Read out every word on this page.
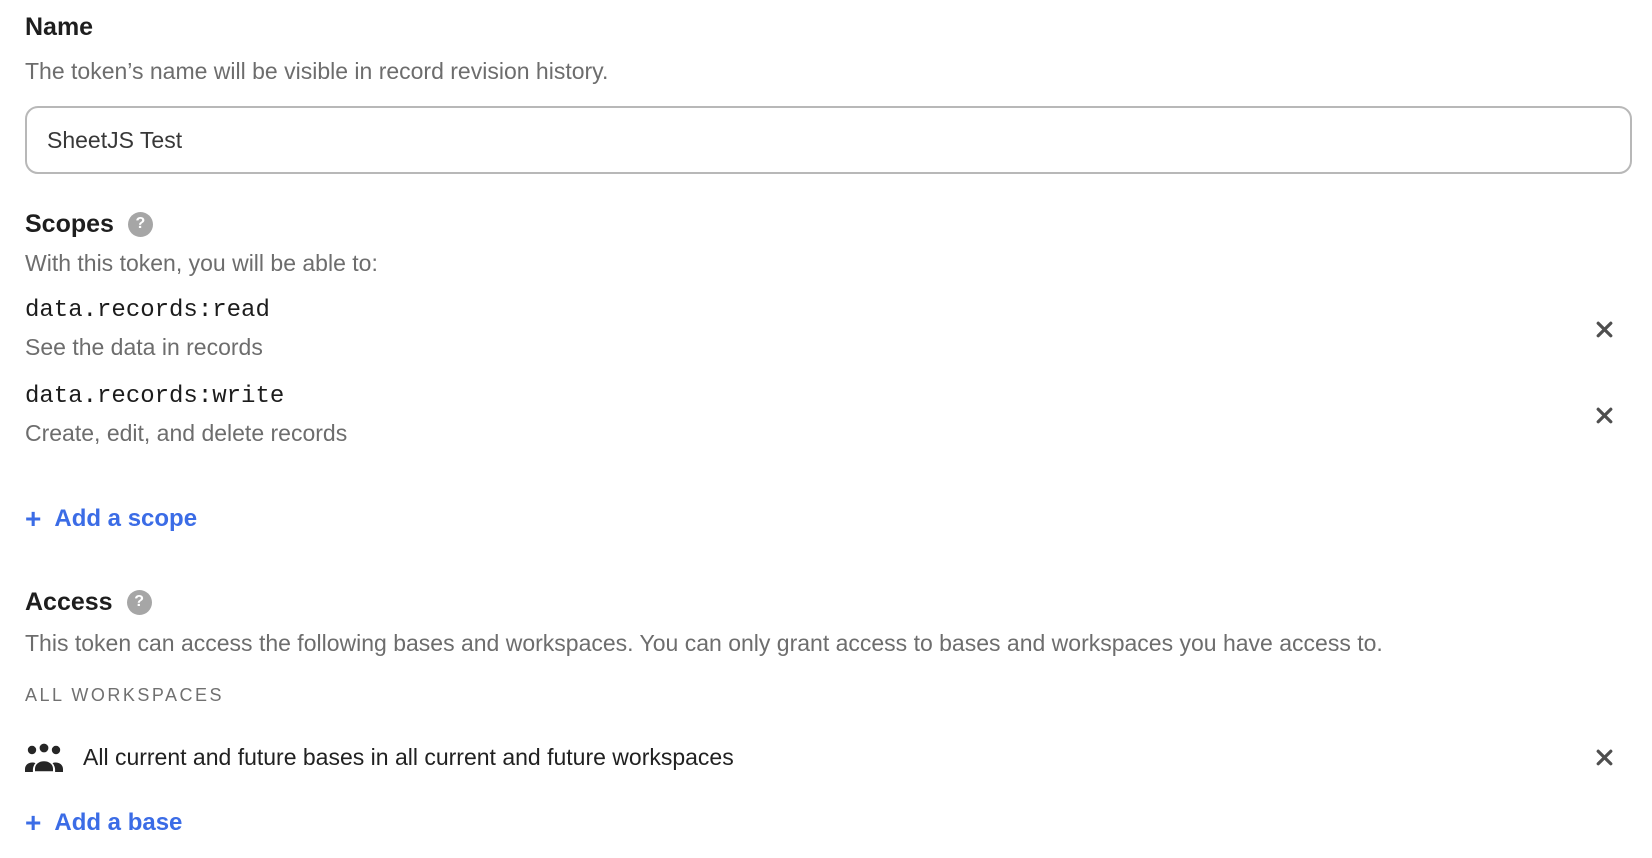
Name
The token’s name will be visible in record revision history.
SheetJS Test
Scopes	?
With this token, you will be able to:
data.records:read
See the data in records
data.records:write
Create, edit, and delete records
+ Add a scope
Access	?
This token can access the following bases and workspaces. You can only grant access to bases and workspaces you have access to.
ALL WORKSPACES
All current and future bases in all current and future workspaces
+ Add a base
